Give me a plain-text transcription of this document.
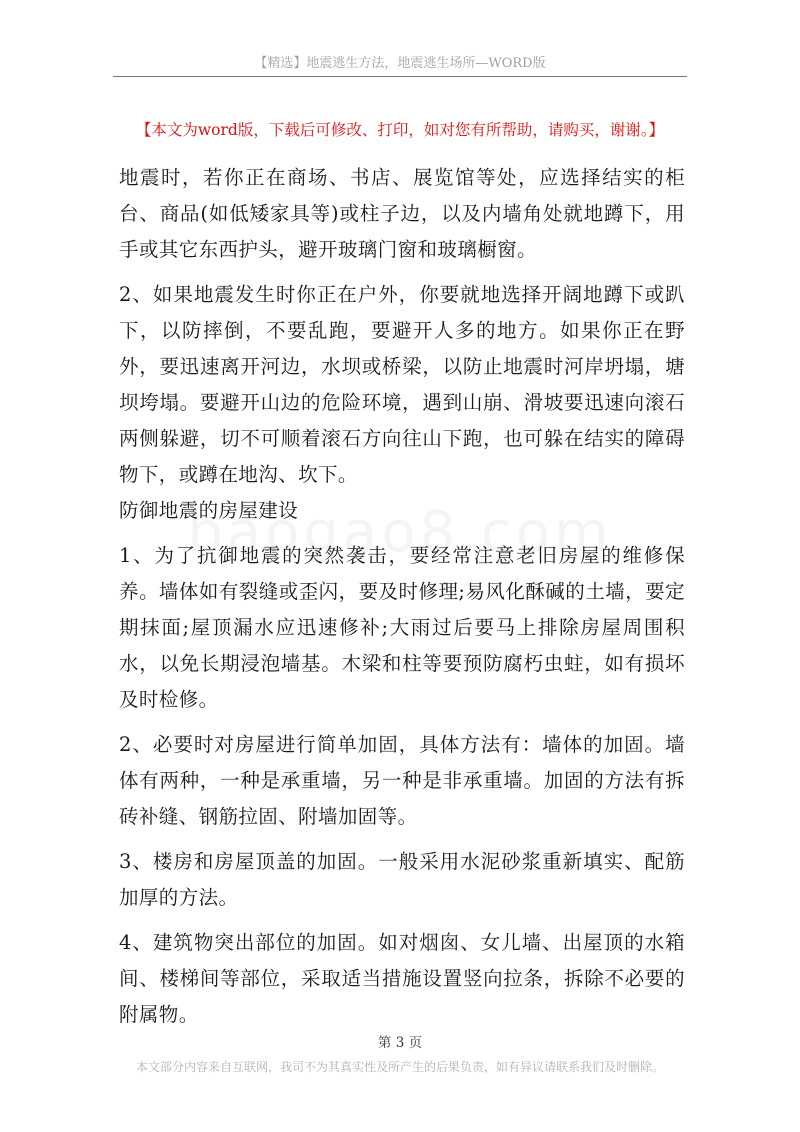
【精选】地震逃生方法，地震逃生场所—WORD版
【本文为word版，下载后可修改、打印，如对您有所帮助，请购买，谢谢。】

地震时，若你正在商场、书店、展览馆等处，应选择结实的柜台、商品(如低矮家具等)或柱子边，以及内墙角处就地蹲下，用手或其它东西护头，避开玻璃门窗和玻璃橱窗。

2、如果地震发生时你正在户外，你要就地选择开阔地蹲下或趴下，以防摔倒，不要乱跑，要避开人多的地方。如果你正在野外，要迅速离开河边，水坝或桥梁，以防止地震时河岸坍塌，塘坝垮塌。要避开山边的危险环境，遇到山崩、滑坡要迅速向滚石两侧躲避，切不可顺着滚石方向往山下跑，也可躲在结实的障碍物下，或蹲在地沟、坎下。

防御地震的房屋建设

1、为了抗御地震的突然袭击，要经常注意老旧房屋的维修保养。墙体如有裂缝或歪闪，要及时修理;易风化酥碱的土墙，要定期抹面;屋顶漏水应迅速修补;大雨过后要马上排除房屋周围积水，以免长期浸泡墙基。木梁和柱等要预防腐朽虫蛀，如有损坏及时检修。

2、必要时对房屋进行简单加固，具体方法有：墙体的加固。墙体有两种，一种是承重墙，另一种是非承重墙。加固的方法有拆砖补缝、钢筋拉固、附墙加固等。

3、楼房和房屋顶盖的加固。一般采用水泥砂浆重新填实、配筋加厚的方法。

4、建筑物突出部位的加固。如对烟囱、女儿墙、出屋顶的水箱间、楼梯间等部位，采取适当措施设置竖向拉条，拆除不必要的附属物。

第 3 页
本文部分内容来自互联网，我司不为其真实性及所产生的后果负责，如有异议请联系我们及时删除。
